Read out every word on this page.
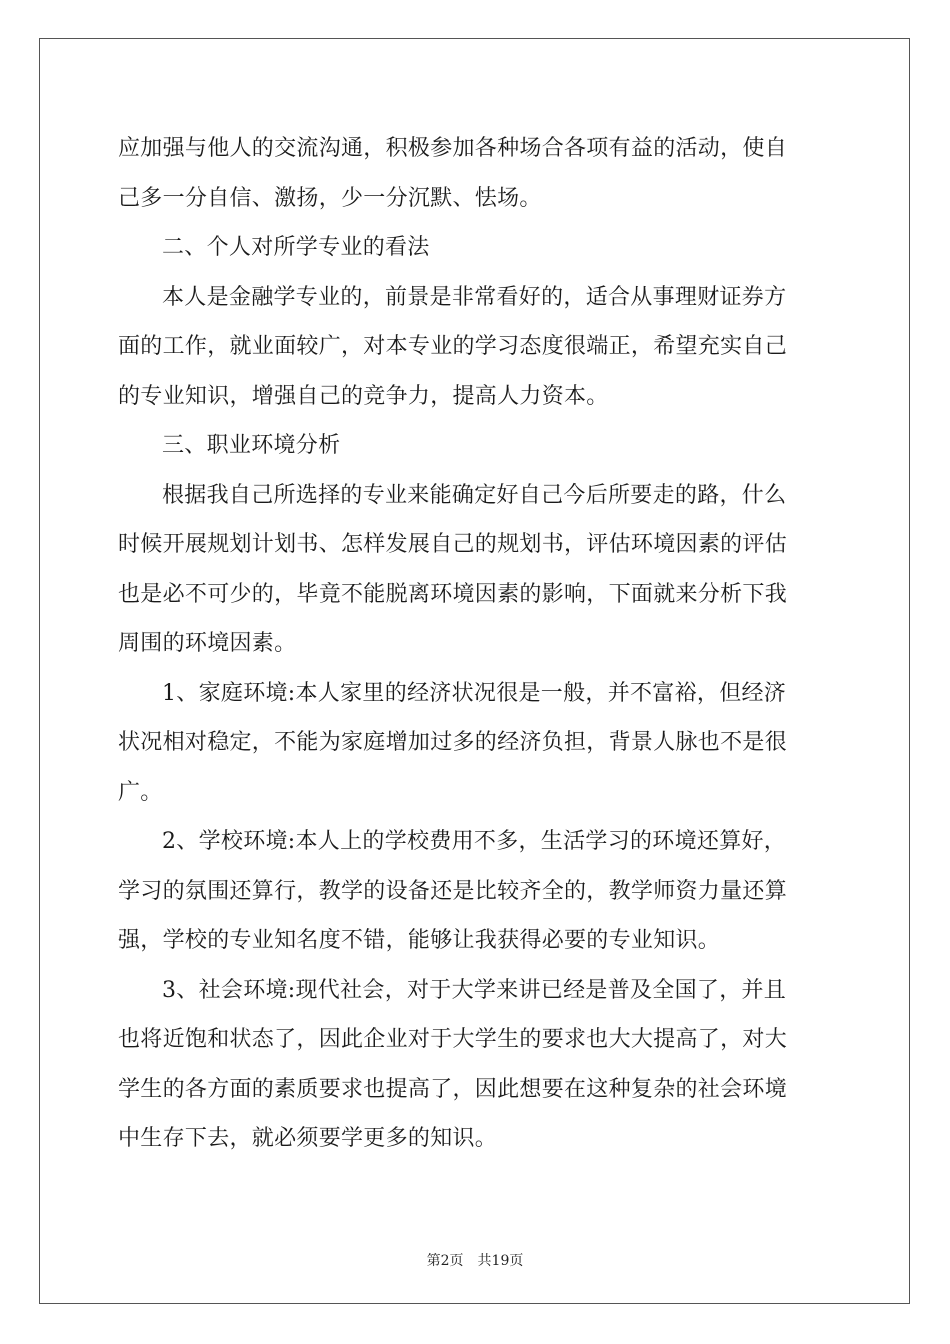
应加强与他人的交流沟通，积极参加各种场合各项有益的活动，使自
己多一分自信、激扬，少一分沉默、怯场。
二、个人对所学专业的看法
本人是金融学专业的，前景是非常看好的，适合从事理财证券方
面的工作，就业面较广，对本专业的学习态度很端正，希望充实自己
的专业知识，增强自己的竞争力，提高人力资本。
三、职业环境分析
根据我自己所选择的专业来能确定好自己今后所要走的路，什么
时候开展规划计划书、怎样发展自己的规划书，评估环境因素的评估
也是必不可少的，毕竟不能脱离环境因素的影响，下面就来分析下我
周围的环境因素。
1、家庭环境:本人家里的经济状况很是一般，并不富裕，但经济
状况相对稳定，不能为家庭增加过多的经济负担，背景人脉也不是很
广。
2、学校环境:本人上的学校费用不多，生活学习的环境还算好，
学习的氛围还算行，教学的设备还是比较齐全的，教学师资力量还算
强，学校的专业知名度不错，能够让我获得必要的专业知识。
3、社会环境:现代社会，对于大学来讲已经是普及全国了，并且
也将近饱和状态了，因此企业对于大学生的要求也大大提高了，对大
学生的各方面的素质要求也提高了，因此想要在这种复杂的社会环境
中生存下去，就必须要学更多的知识。
第2页 共19页
